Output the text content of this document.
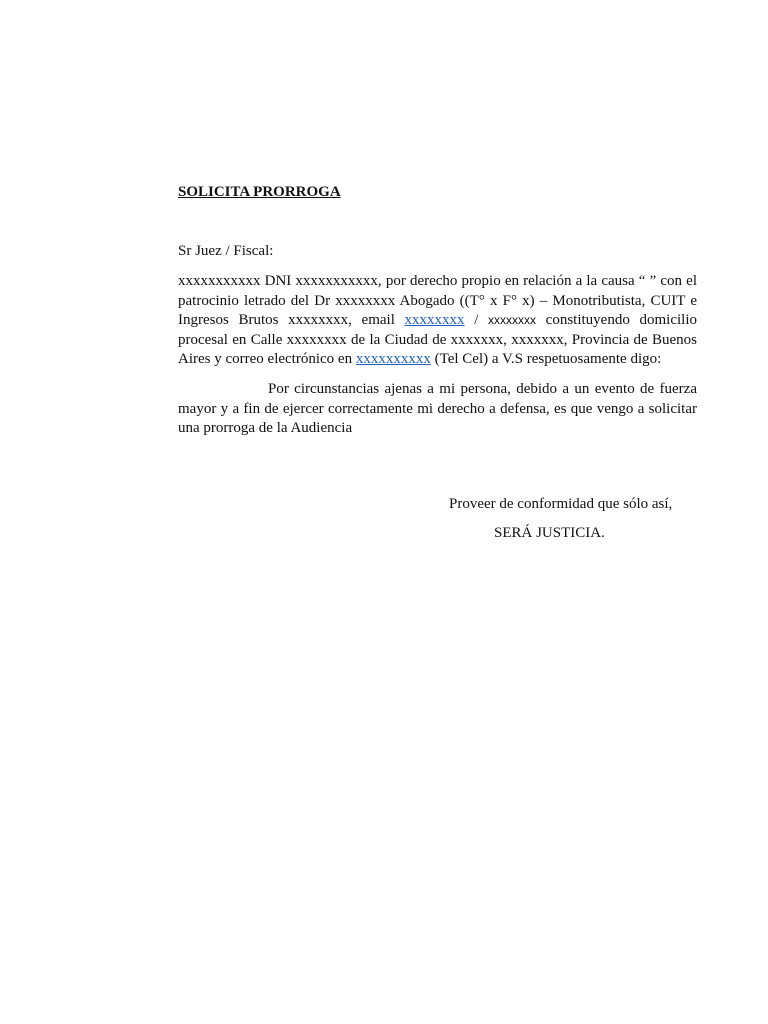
SOLICITA PRORROGA

Sr Juez / Fiscal:

xxxxxxxxxxx DNI xxxxxxxxxxx, por derecho propio en relación a la causa “ ” con el patrocinio letrado del Dr xxxxxxxx Abogado ((T° x F° x) – Monotributista, CUIT e Ingresos Brutos xxxxxxxx, email xxxxxxxx / xxxxxxxx constituyendo domicilio procesal en Calle xxxxxxxx de la Ciudad de xxxxxxx, xxxxxxx, Provincia de Buenos Aires y correo electrónico en xxxxxxxxxx (Tel Cel) a V.S respetuosamente digo:

Por circunstancias ajenas a mi persona, debido a un evento de fuerza mayor y a fin de ejercer correctamente mi derecho a defensa, es que vengo a solicitar una prorroga de la Audiencia

Proveer de conformidad que sólo así,
SERÁ JUSTICIA.
